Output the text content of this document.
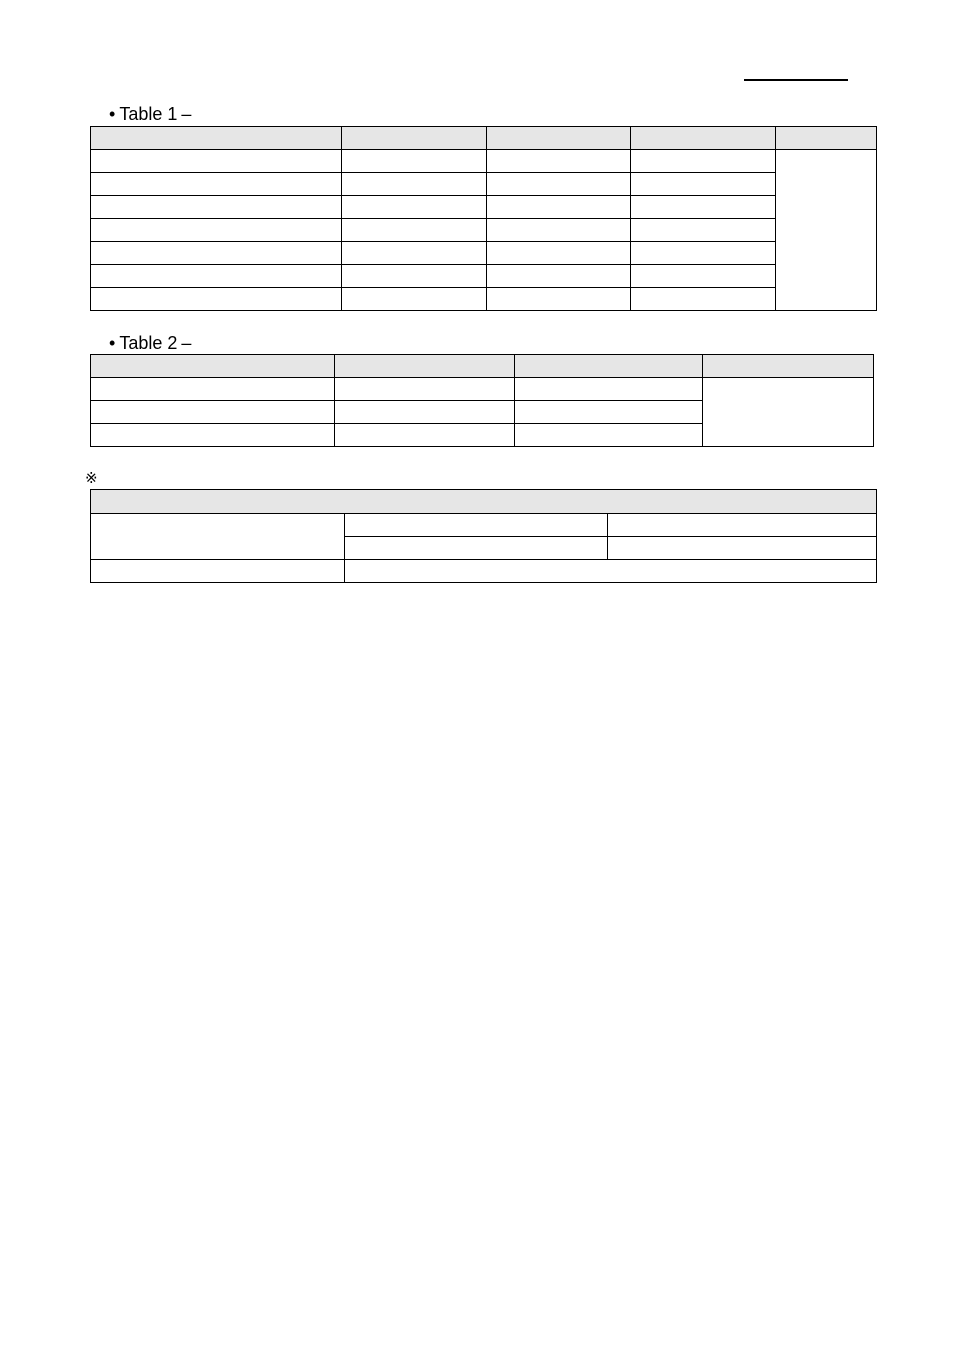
• Table 1 –

• Table 2 –

※
